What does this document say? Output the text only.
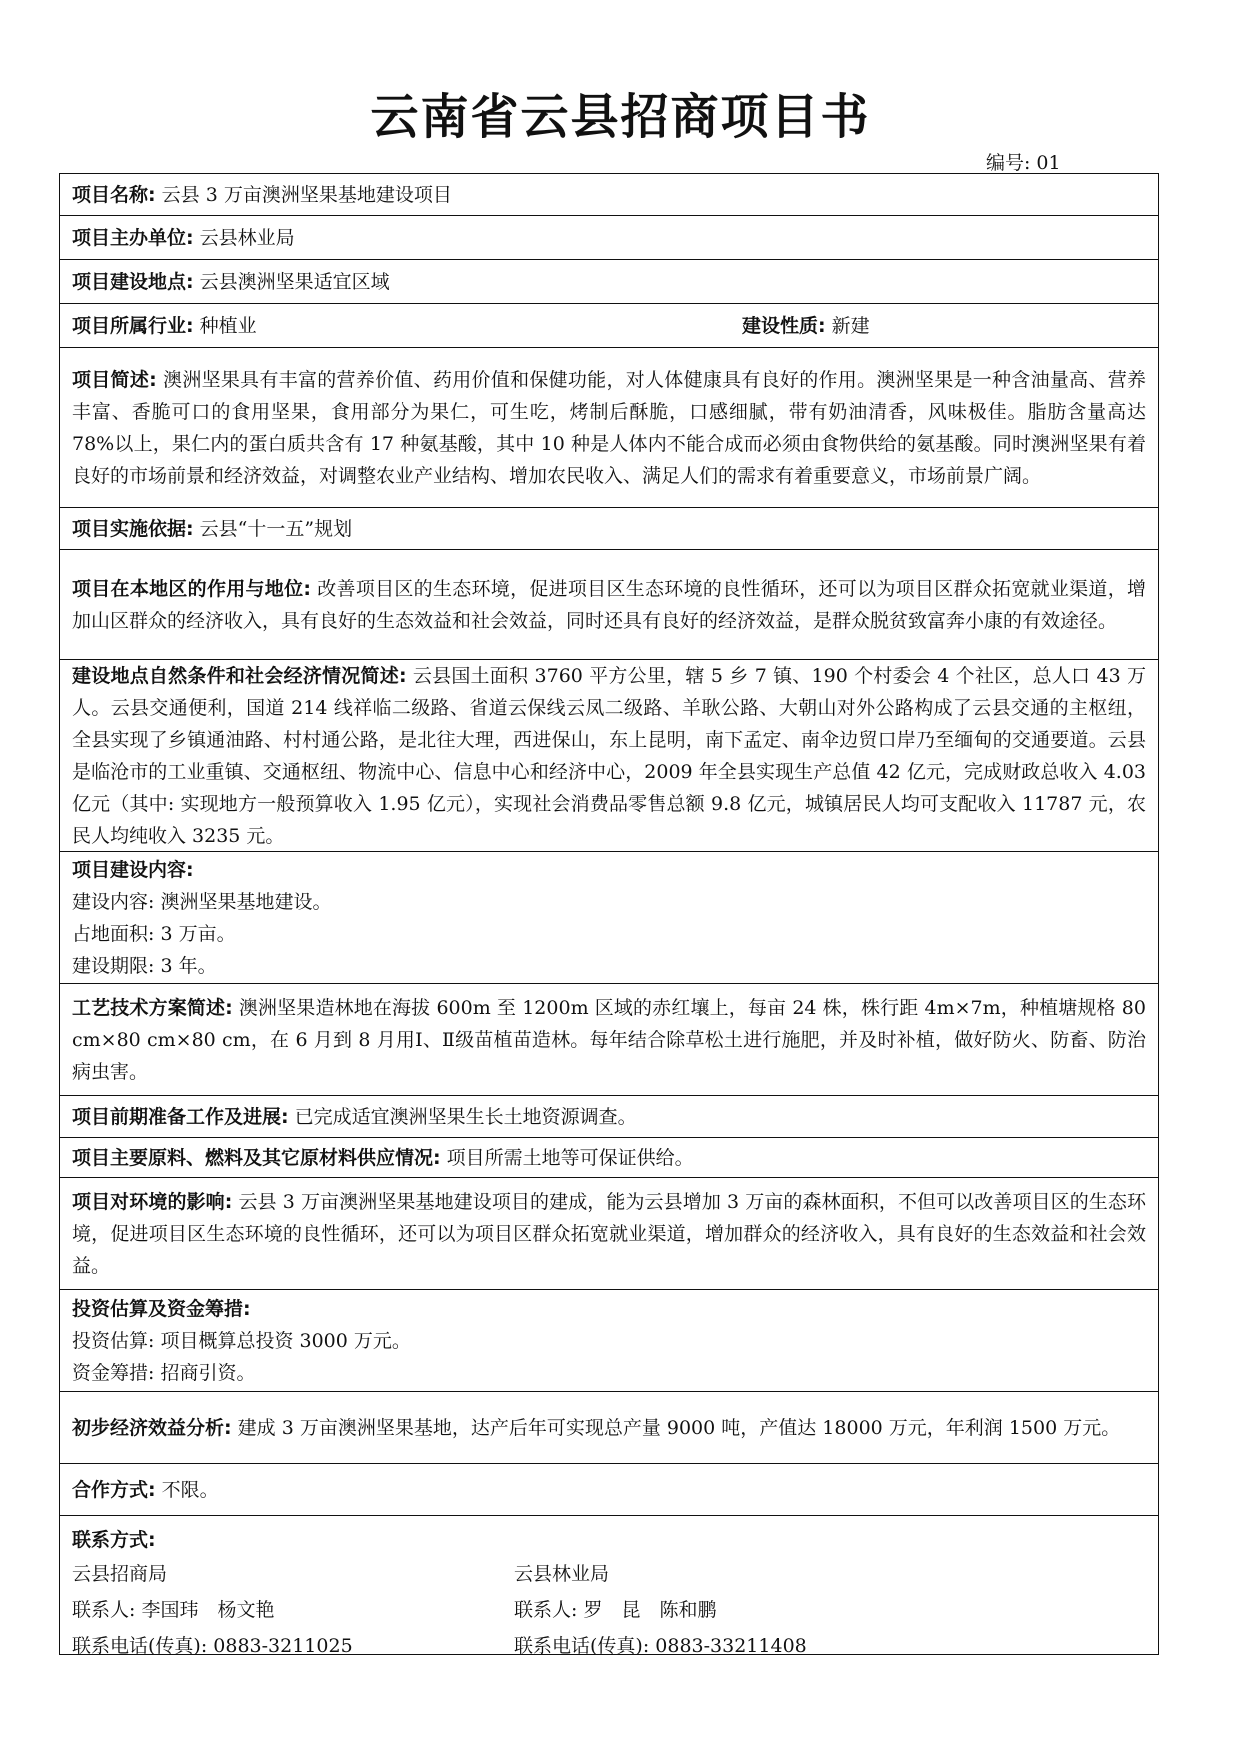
云南省云县招商项目书
编号: 01
项目名称: 云县 3 万亩澳洲坚果基地建设项目
项目主办单位: 云县林业局
项目建设地点: 云县澳洲坚果适宜区域
项目所属行业: 种植业	建设性质: 新建
项目简述: 澳洲坚果具有丰富的营养价值、药用价值和保健功能，对人体健康具有良好的作用。澳洲坚果是一种含油量高、营养丰富、香脆可口的食用坚果，食用部分为果仁，可生吃，烤制后酥脆，口感细腻，带有奶油清香，风味极佳。脂肪含量高达 78%以上，果仁内的蛋白质共含有 17 种氨基酸，其中 10 种是人体内不能合成而必须由食物供给的氨基酸。同时澳洲坚果有着良好的市场前景和经济效益，对调整农业产业结构、增加农民收入、满足人们的需求有着重要意义，市场前景广阔。
项目实施依据: 云县“十一五”规划
项目在本地区的作用与地位: 改善项目区的生态环境，促进项目区生态环境的良性循环，还可以为项目区群众拓宽就业渠道，增加山区群众的经济收入，具有良好的生态效益和社会效益，同时还具有良好的经济效益，是群众脱贫致富奔小康的有效途径。
建设地点自然条件和社会经济情况简述: 云县国土面积 3760 平方公里，辖 5 乡 7 镇、190 个村委会 4 个社区，总人口 43 万人。云县交通便利，国道 214 线祥临二级路、省道云保线云凤二级路、羊耿公路、大朝山对外公路构成了云县交通的主枢纽，全县实现了乡镇通油路、村村通公路，是北往大理，西进保山，东上昆明，南下孟定、南伞边贸口岸乃至缅甸的交通要道。云县是临沧市的工业重镇、交通枢纽、物流中心、信息中心和经济中心，2009 年全县实现生产总值 42 亿元，完成财政总收入 4.03 亿元（其中: 实现地方一般预算收入 1.95 亿元），实现社会消费品零售总额 9.8 亿元，城镇居民人均可支配收入 11787 元，农民人均纯收入 3235 元。
项目建设内容:
建设内容: 澳洲坚果基地建设。
占地面积: 3 万亩。
建设期限: 3 年。
工艺技术方案简述: 澳洲坚果造林地在海拔 600m 至 1200m 区域的赤红壤上，每亩 24 株，株行距 4m×7m，种植塘规格 80 cm×80 cm×80 cm，在 6 月到 8 月用Ⅰ、Ⅱ级苗植苗造林。每年结合除草松土进行施肥，并及时补植，做好防火、防畜、防治病虫害。
项目前期准备工作及进展: 已完成适宜澳洲坚果生长土地资源调查。
项目主要原料、燃料及其它原材料供应情况: 项目所需土地等可保证供给。
项目对环境的影响: 云县 3 万亩澳洲坚果基地建设项目的建成，能为云县增加 3 万亩的森林面积，不但可以改善项目区的生态环境，促进项目区生态环境的良性循环，还可以为项目区群众拓宽就业渠道，增加群众的经济收入，具有良好的生态效益和社会效益。
投资估算及资金筹措:
投资估算: 项目概算总投资 3000 万元。
资金筹措: 招商引资。
初步经济效益分析: 建成 3 万亩澳洲坚果基地，达产后年可实现总产量 9000 吨，产值达 18000 万元，年利润 1500 万元。
合作方式: 不限。
联系方式:
云县招商局	云县林业局
联系人: 李国玮　杨文艳	联系人: 罗　昆　陈和鹏
联系电话(传真): 0883-3211025	联系电话(传真): 0883-33211408
